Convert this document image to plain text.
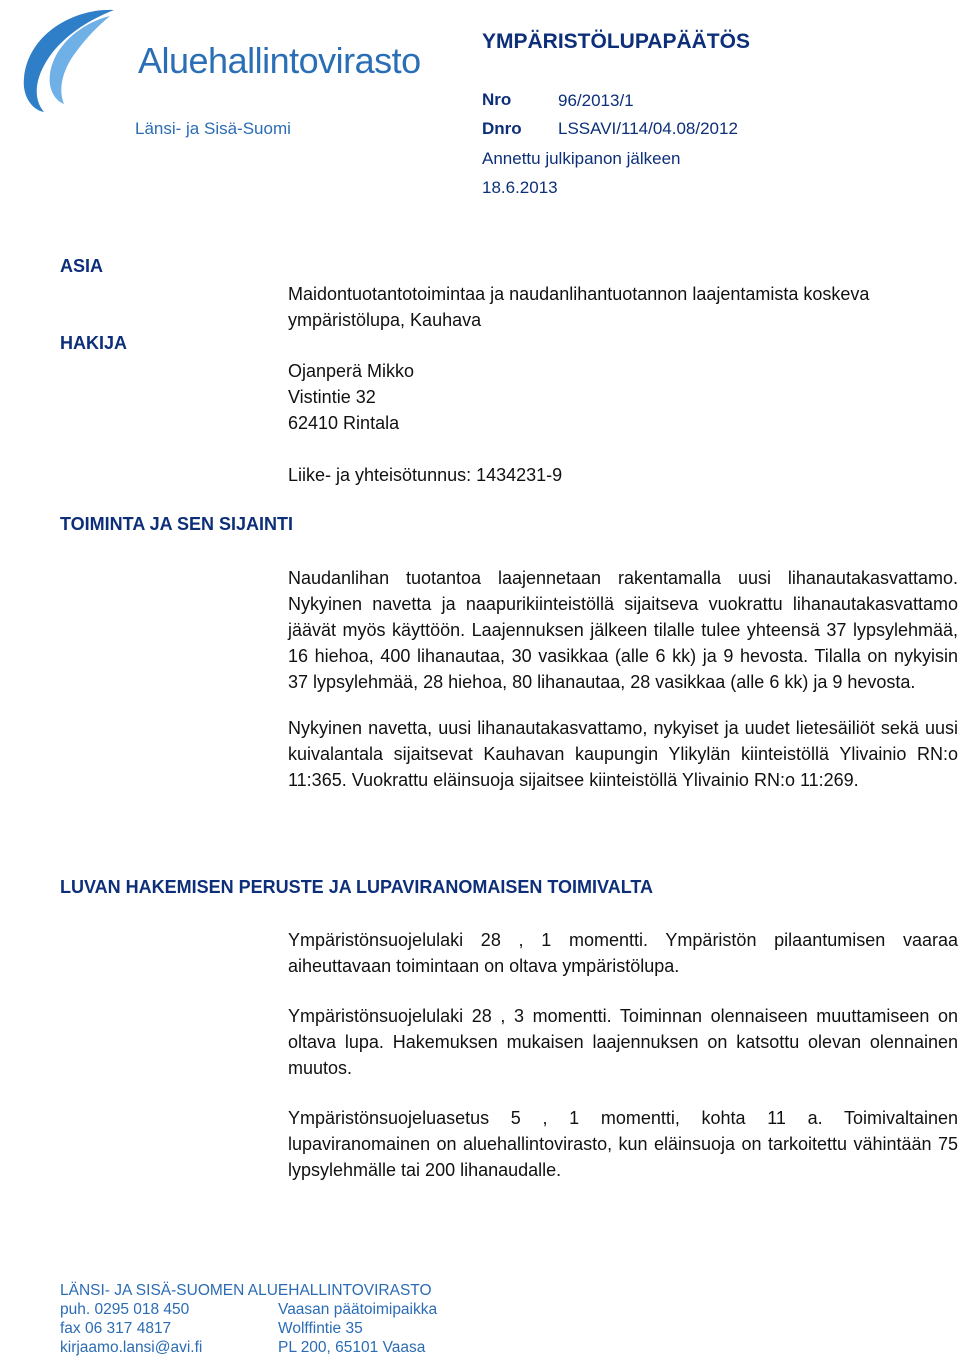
Aluehallintovirasto
Länsi- ja Sisä-Suomi
YMPÄRISTÖLUPAPÄÄTÖS
Nro	96/2013/1
Dnro LSSAVI/114/04.08/2012
Annettu julkipanon jälkeen
18.6.2013
ASIA

Maidontuotantotoimintaa ja naudanlihantuotannon laajentamista koskeva ympäristölupa, Kauhava

HAKIJA
Ojanperä Mikko
Vistintie 32
62410 Rintala
Liike- ja yhteisötunnus: 1434231-9
TOIMINTA JA SEN SIJAINTI

Naudanlihan tuotantoa laajennetaan rakentamalla uusi lihanautakasvattamo. Nykyinen navetta ja naapurikiinteistöllä sijaitseva vuokrattu lihanautakasvattamo jäävät myös käyttöön. Laajennuksen jälkeen tilalle tulee yhteensä 37 lypsylehmää, 16 hiehoa, 400 lihanautaa, 30 vasikkaa (alle 6 kk) ja 9 hevosta. Tilalla on nykyisin 37 lypsylehmää, 28 hiehoa, 80 lihanautaa, 28 vasikkaa (alle 6 kk) ja 9 hevosta.

Nykyinen navetta, uusi lihanautakasvattamo, nykyiset ja uudet lietesäiliöt sekä uusi kuivalantala sijaitsevat Kauhavan kaupungin Ylikylän kiinteistöllä Ylivainio RN:o 11:365. Vuokrattu eläinsuoja sijaitsee kiinteistöllä Ylivainio RN:o 11:269.

LUVAN HAKEMISEN PERUSTE JA LUPAVIRANOMAISEN TOIMIVALTA

Ympäristönsuojelulaki 28 , 1 momentti. Ympäristön pilaantumisen vaaraa aiheuttavaan toimintaan on oltava ympäristölupa.

Ympäristönsuojelulaki 28 , 3 momentti. Toiminnan olennaiseen muuttamiseen on oltava lupa. Hakemuksen mukaisen laajennuksen on katsottu olevan olennainen muutos.

Ympäristönsuojeluasetus 5 , 1 momentti, kohta 11 a. Toimivaltainen lupaviranomainen on aluehallintovirasto, kun eläinsuoja on tarkoitettu vähintään 75 lypsylehmälle tai 200 lihanaudalle.

LÄNSI- JA SISÄ-SUOMEN ALUEHALLINTOVIRASTO
puh. 0295 018 450
fax 06 317 4817
kirjaamo.lansi@avi.fi
Vaasan päätoimipaikka
Wolffintie 35
PL 200, 65101 Vaasa
